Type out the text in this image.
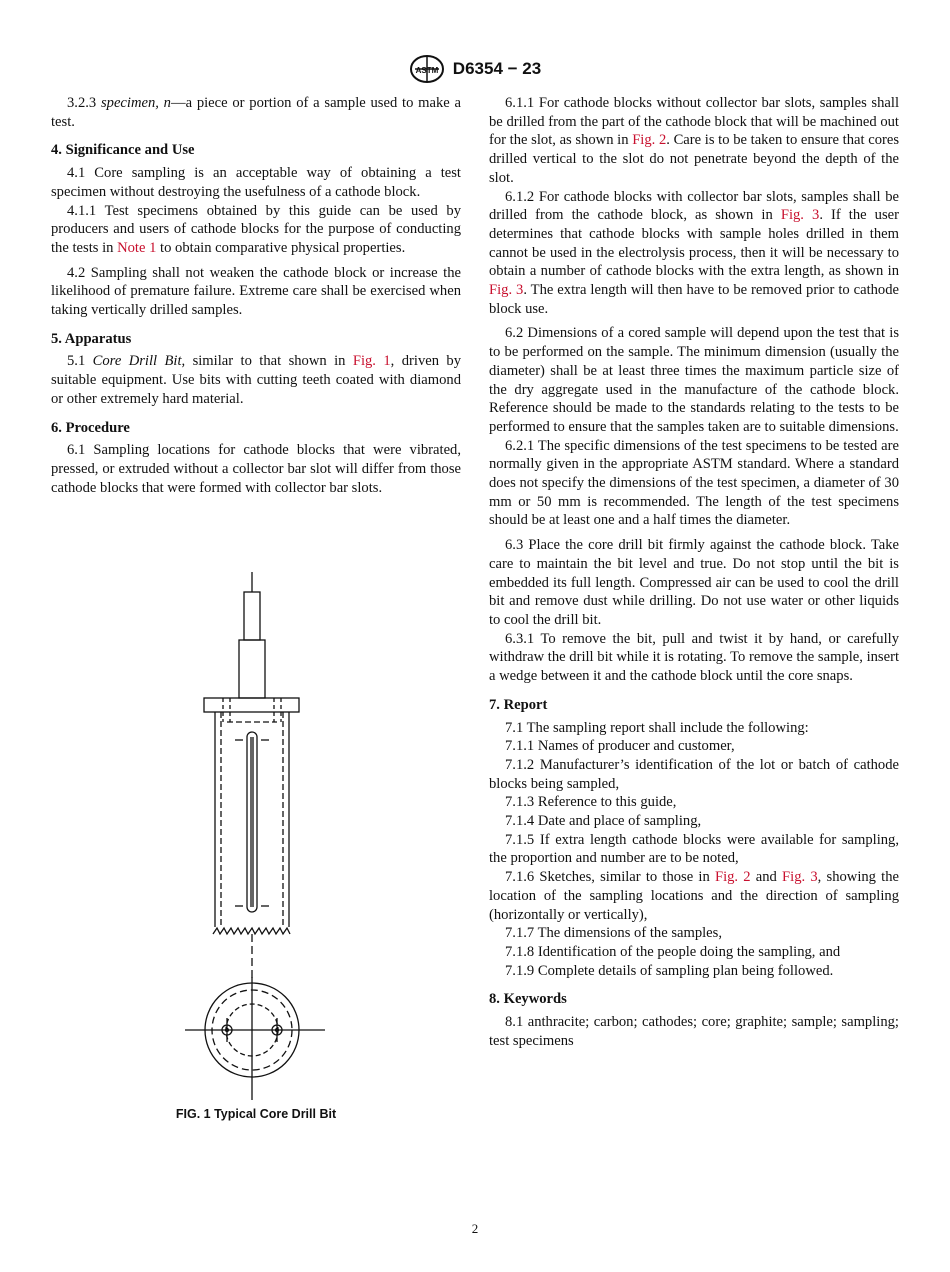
ASTM D6354 − 23

3.2.3 specimen, n—a piece or portion of a sample used to make a test.

4. Significance and Use

4.1 Core sampling is an acceptable way of obtaining a test specimen without destroying the usefulness of a cathode block.

4.1.1 Test specimens obtained by this guide can be used by producers and users of cathode blocks for the purpose of conducting the tests in Note 1 to obtain comparative physical properties.

4.2 Sampling shall not weaken the cathode block or increase the likelihood of premature failure. Extreme care shall be exercised when taking vertically drilled samples.

5. Apparatus

5.1 Core Drill Bit, similar to that shown in Fig. 1, driven by suitable equipment. Use bits with cutting teeth coated with diamond or other extremely hard material.

6. Procedure

6.1 Sampling locations for cathode blocks that were vibrated, pressed, or extruded without a collector bar slot will differ from those cathode blocks that were formed with collector bar slots.

FIG. 1 Typical Core Drill Bit

6.1.1 For cathode blocks without collector bar slots, samples shall be drilled from the part of the cathode block that will be machined out for the slot, as shown in Fig. 2. Care is to be taken to ensure that cores drilled vertical to the slot do not penetrate beyond the depth of the slot.

6.1.2 For cathode blocks with collector bar slots, samples shall be drilled from the cathode block, as shown in Fig. 3. If the user determines that cathode blocks with sample holes drilled in them cannot be used in the electrolysis process, then it will be necessary to obtain a number of cathode blocks with the extra length, as shown in Fig. 3. The extra length will then have to be removed prior to cathode block use.

6.2 Dimensions of a cored sample will depend upon the test that is to be performed on the sample. The minimum dimension (usually the diameter) shall be at least three times the maximum particle size of the dry aggregate used in the manufacture of the cathode block. Reference should be made to the standards relating to the tests to be performed to ensure that the samples taken are to suitable dimensions.

6.2.1 The specific dimensions of the test specimens to be tested are normally given in the appropriate ASTM standard. Where a standard does not specify the dimensions of the test specimen, a diameter of 30 mm or 50 mm is recommended. The length of the test specimens should be at least one and a half times the diameter.

6.3 Place the core drill bit firmly against the cathode block. Take care to maintain the bit level and true. Do not stop until the bit is embedded its full length. Compressed air can be used to cool the drill bit and remove dust while drilling. Do not use water or other liquids to cool the drill bit.

6.3.1 To remove the bit, pull and twist it by hand, or carefully withdraw the drill bit while it is rotating. To remove the sample, insert a wedge between it and the cathode block until the core snaps.

7. Report

7.1 The sampling report shall include the following:

7.1.1 Names of producer and customer,

7.1.2 Manufacturer’s identification of the lot or batch of cathode blocks being sampled,

7.1.3 Reference to this guide,

7.1.4 Date and place of sampling,

7.1.5 If extra length cathode blocks were available for sampling, the proportion and number are to be noted,

7.1.6 Sketches, similar to those in Fig. 2 and Fig. 3, showing the location of the sampling locations and the direction of sampling (horizontally or vertically),

7.1.7 The dimensions of the samples,

7.1.8 Identification of the people doing the sampling, and

7.1.9 Complete details of sampling plan being followed.

8. Keywords

8.1 anthracite; carbon; cathodes; core; graphite; sample; sampling; test specimens

2
